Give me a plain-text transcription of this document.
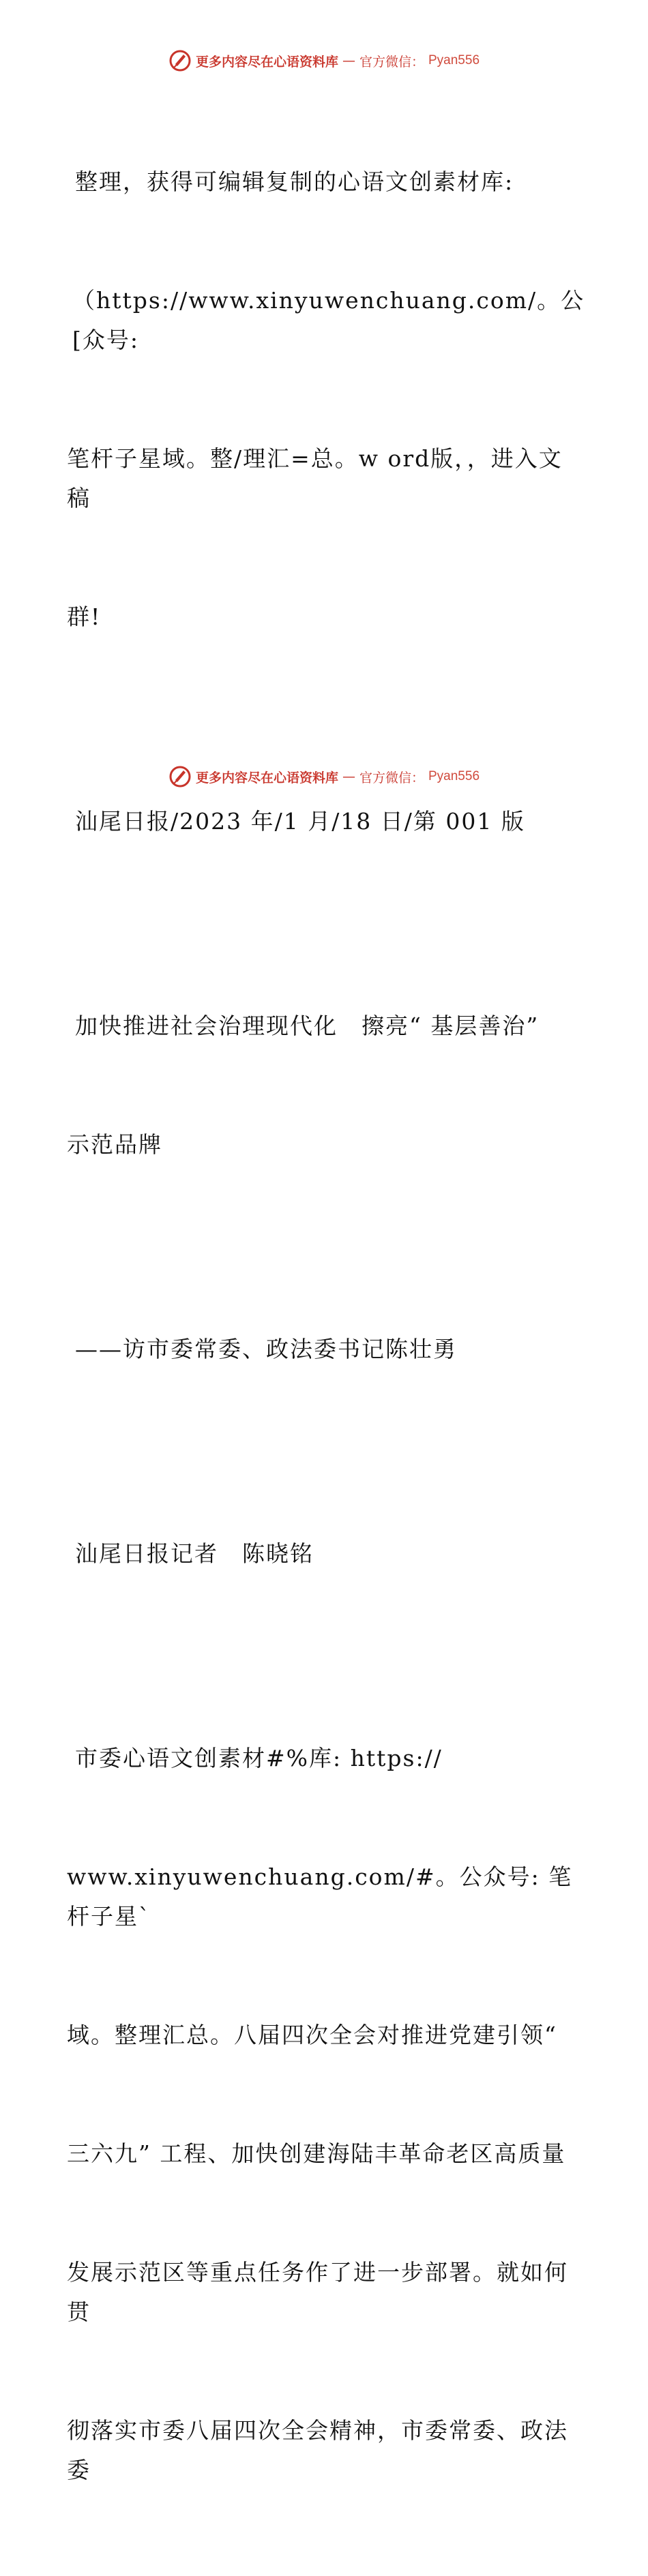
更多内容尽在心语资料库 — 官方微信： Pyan556

整理，获得可编辑复制的心语文创素材库:

（https://www.xinyuwenchuang.com/。公[众号:

笔杆子星域。整/理汇=总。w ord版，，进入文稿

群!

汕尾日报/2023 年/1 月/18 日/第 001 版

加快推进社会治理现代化　擦亮“ 基层善治”

示范品牌

——访市委常委、政法委书记陈壮勇

汕尾日报记者　陈晓铭

市委心语文创素材#%库: https://

www.xinyuwenchuang.com/#。公众号: 笔杆子星`

域。整理汇总。八届四次全会对推进党建引领“

三六九” 工程、加快创建海陆丰革命老区高质量

发展示范区等重点任务作了进一步部署。就如何贯

彻落实市委八届四次全会精神，市委常委、政法委

更多内容尽在心语资料库 — 官方微信： Pyan556
